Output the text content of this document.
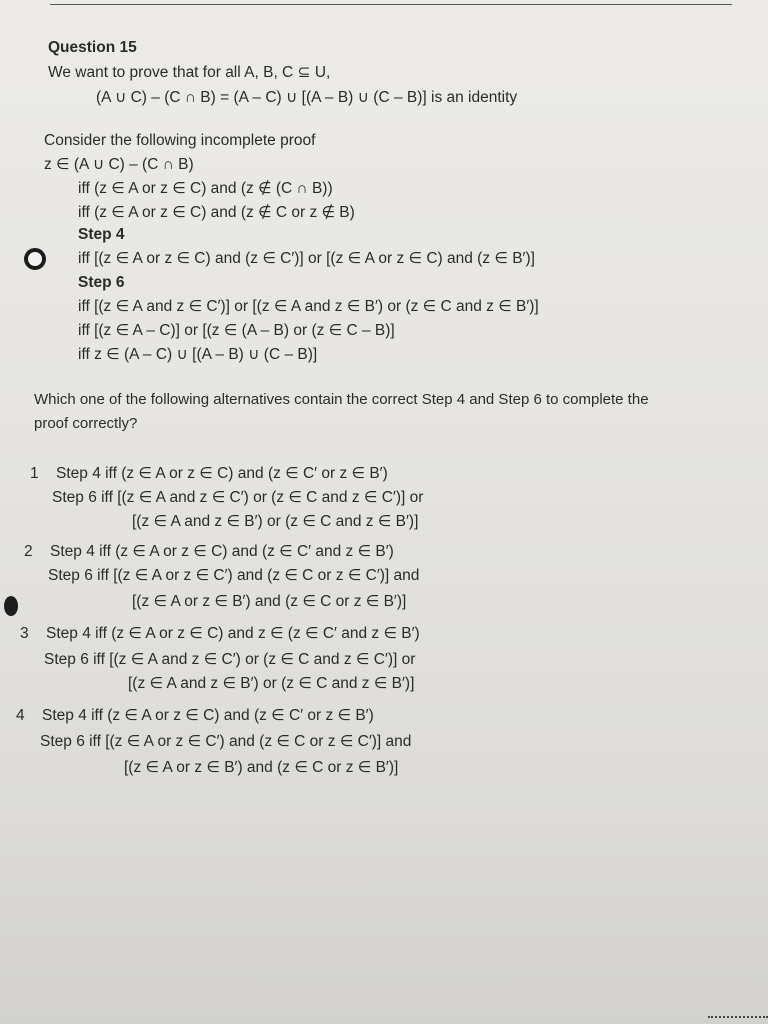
Question 15
We want to prove that for all A, B, C ⊆ U,
(A ∪ C) – (C ∩ B) = (A – C) ∪ [(A – B) ∪ (C – B)] is an identity
Consider the following incomplete proof
z ∈ (A ∪ C) – (C ∩ B)
iff (z ∈ A or z ∈ C) and (z ∉ (C ∩ B))
iff (z ∈ A or z ∈ C) and (z ∉ C or z ∉ B)
Step 4
iff [(z ∈ A or z ∈ C) and (z ∈ C′)] or [(z ∈ A or z ∈ C) and (z ∈ B′)]
Step 6
iff [(z ∈ A and z ∈ C′)] or [(z ∈ A and z ∈ B′) or (z ∈ C and z ∈ B′)]
iff [(z ∈ A – C)] or [(z ∈ (A – B) or (z ∈ C – B)]
iff z ∈ (A – C) ∪ [(A – B) ∪ (C – B)]
Which one of the following alternatives contain the correct Step 4 and Step 6 to complete the
proof correctly?
1 Step 4 iff (z ∈ A or z ∈ C) and (z ∈ C′ or z ∈ B′)
Step 6 iff [(z ∈ A and z ∈ C′) or (z ∈ C and z ∈ C′)] or
[(z ∈ A and z ∈ B′) or (z ∈ C and z ∈ B′)]
2 Step 4 iff (z ∈ A or z ∈ C) and (z ∈ C′ and z ∈ B′)
Step 6 iff [(z ∈ A or z ∈ C′) and (z ∈ C or z ∈ C′)] and
[(z ∈ A or z ∈ B′) and (z ∈ C or z ∈ B′)]
3 Step 4 iff (z ∈ A or z ∈ C) and z ∈ (z ∈ C′ and z ∈ B′)
Step 6 iff [(z ∈ A and z ∈ C′) or (z ∈ C and z ∈ C′)] or
[(z ∈ A and z ∈ B′) or (z ∈ C and z ∈ B′)]
4 Step 4 iff (z ∈ A or z ∈ C) and (z ∈ C′ or z ∈ B′)
Step 6 iff [(z ∈ A or z ∈ C′) and (z ∈ C or z ∈ C′)] and
[(z ∈ A or z ∈ B′) and (z ∈ C or z ∈ B′)]
